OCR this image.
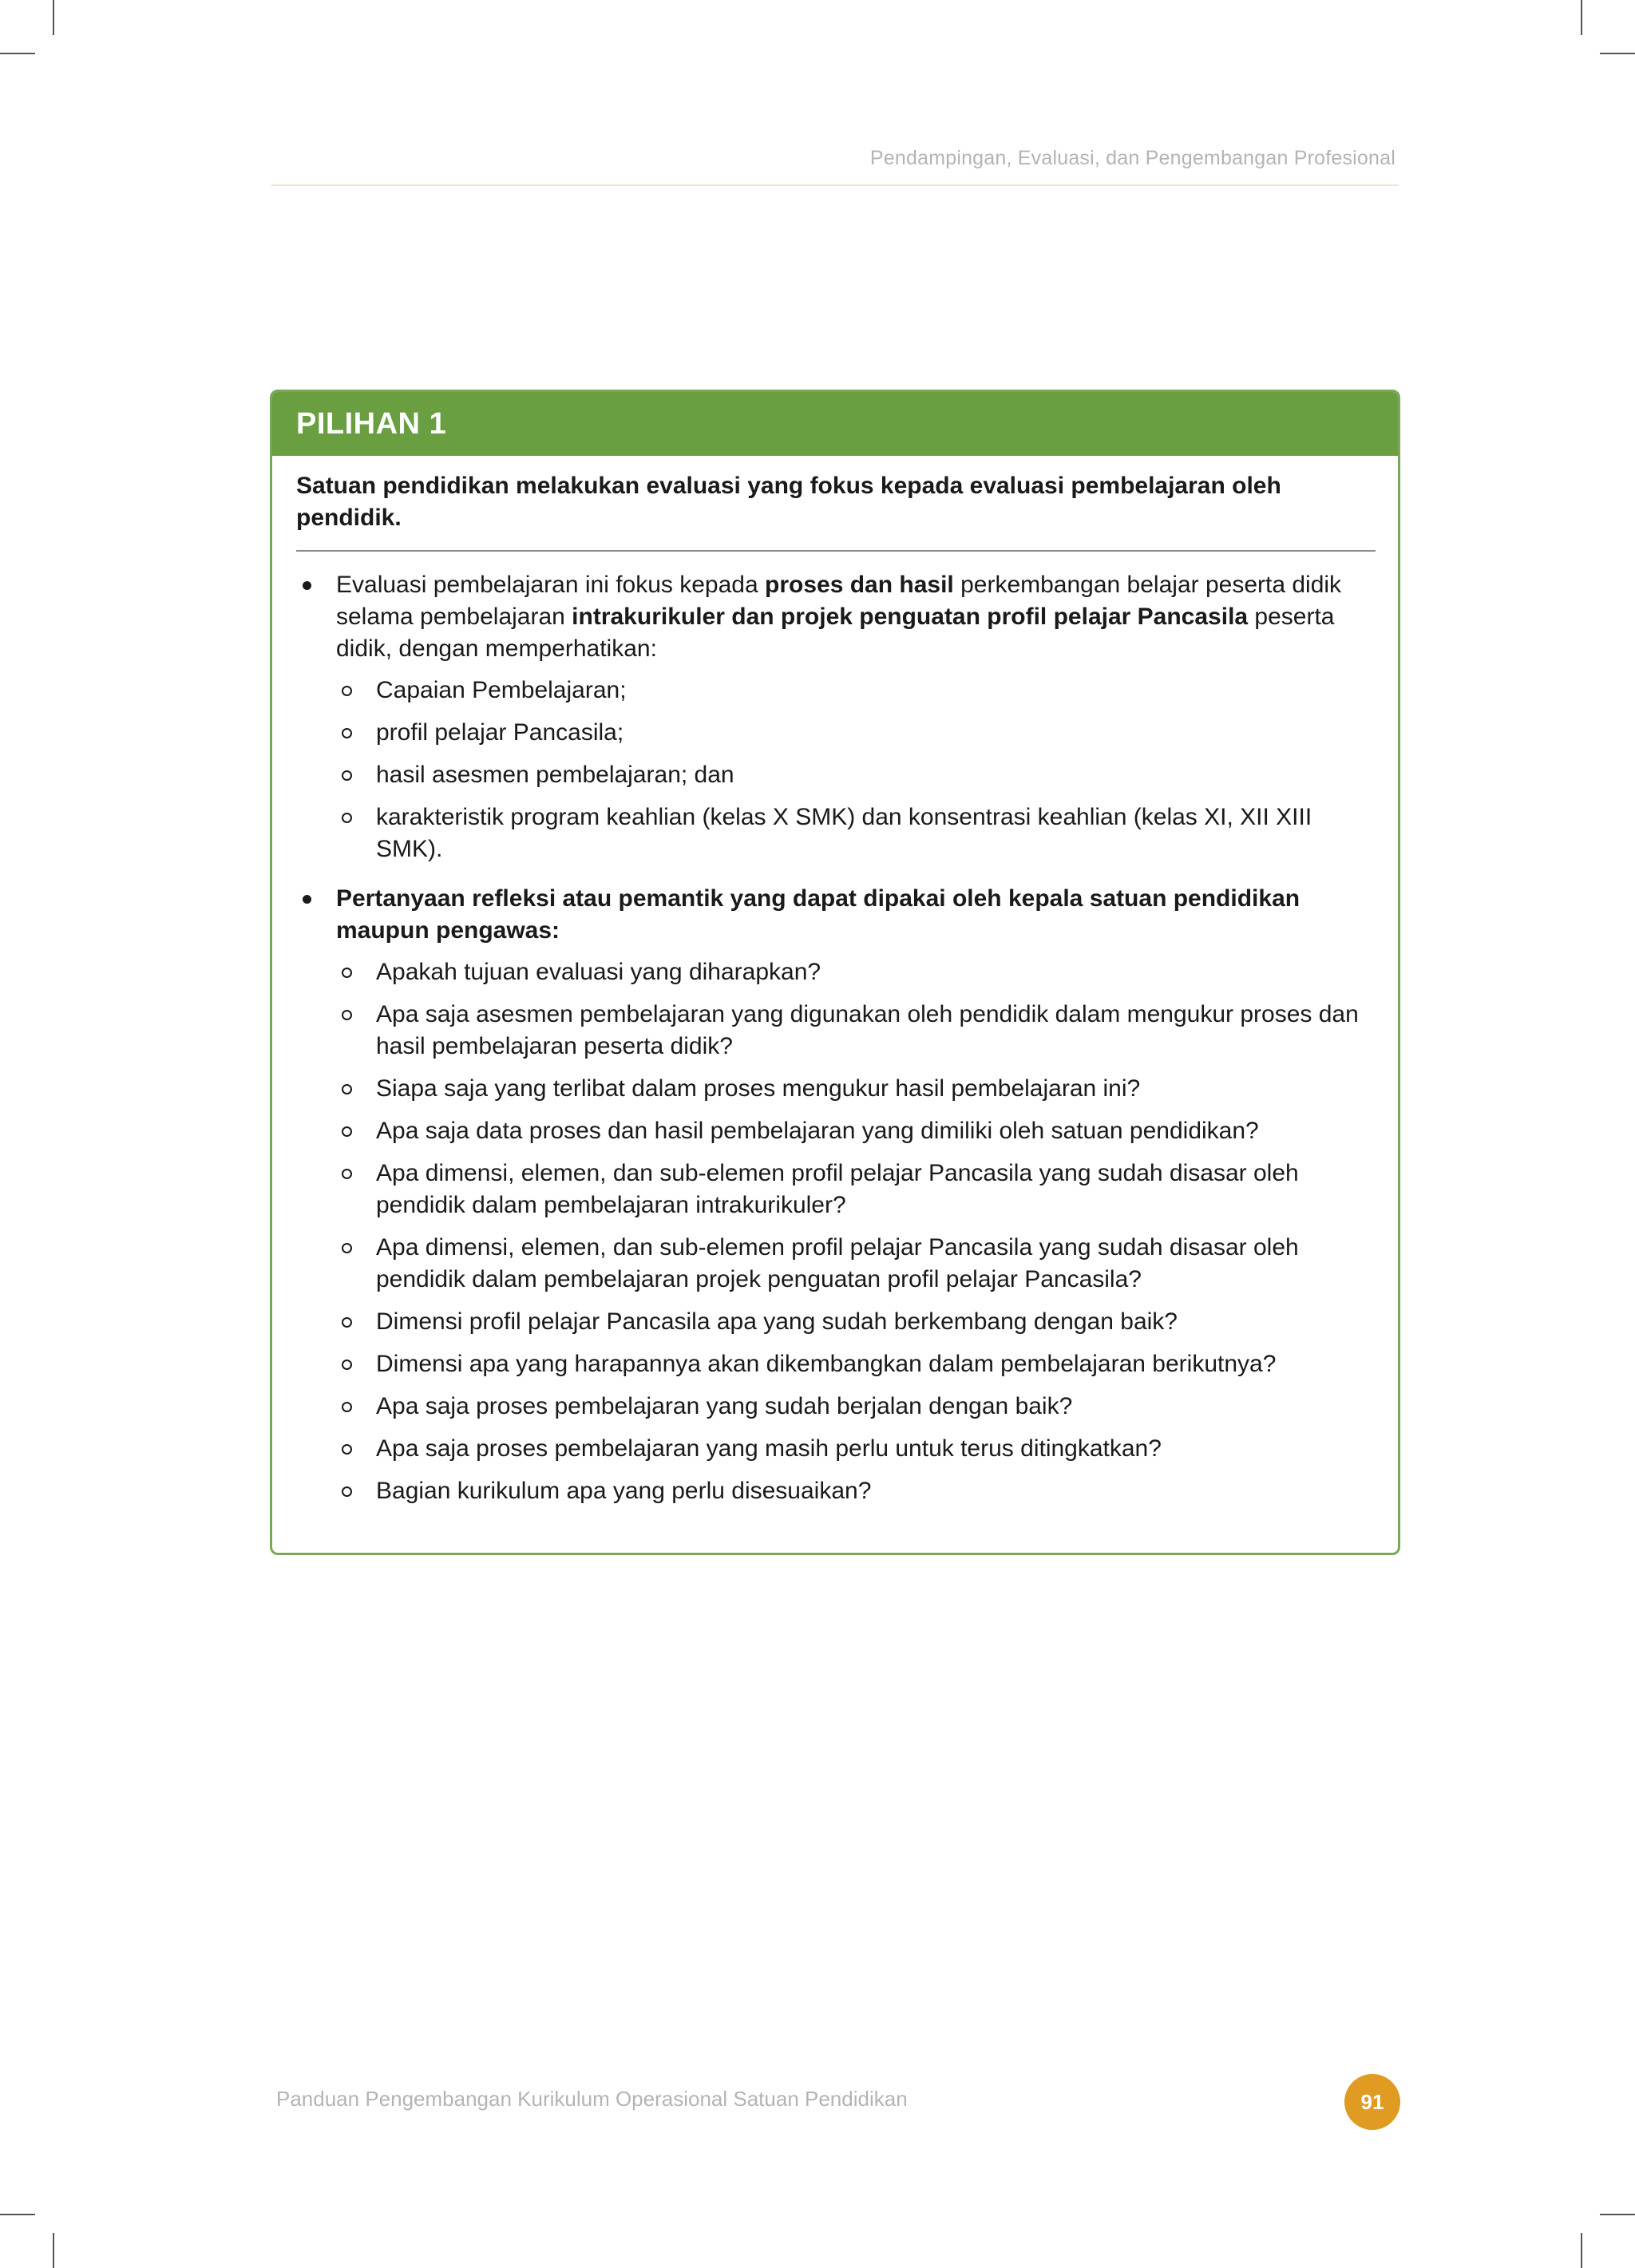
Pendampingan, Evaluasi, dan Pengembangan Profesional
PILIHAN 1

Satuan pendidikan melakukan evaluasi yang fokus kepada evaluasi pembelajaran oleh pendidik.

Evaluasi pembelajaran ini fokus kepada proses dan hasil perkembangan belajar peserta didik selama pembelajaran intrakurikuler dan projek penguatan profil pelajar Pancasila peserta didik, dengan memperhatikan:
Capaian Pembelajaran;
profil pelajar Pancasila;
hasil asesmen pembelajaran; dan
karakteristik program keahlian (kelas X SMK) dan konsentrasi keahlian (kelas XI, XII XIII SMK).
Pertanyaan refleksi atau pemantik yang dapat dipakai oleh kepala satuan pendidikan maupun pengawas:
Apakah tujuan evaluasi yang diharapkan?
Apa saja asesmen pembelajaran yang digunakan oleh pendidik dalam mengukur proses dan hasil pembelajaran peserta didik?
Siapa saja yang terlibat dalam proses mengukur hasil pembelajaran ini?
Apa saja data proses dan hasil pembelajaran yang dimiliki oleh satuan pendidikan?
Apa dimensi, elemen, dan sub-elemen profil pelajar Pancasila yang sudah disasar oleh pendidik dalam pembelajaran intrakurikuler?
Apa dimensi, elemen, dan sub-elemen profil pelajar Pancasila yang sudah disasar oleh pendidik dalam pembelajaran projek penguatan profil pelajar Pancasila?
Dimensi profil pelajar Pancasila apa yang sudah berkembang dengan baik?
Dimensi apa yang harapannya akan dikembangkan dalam pembelajaran berikutnya?
Apa saja proses pembelajaran yang sudah berjalan dengan baik?
Apa saja proses pembelajaran yang masih perlu untuk terus ditingkatkan?
Bagian kurikulum apa yang perlu disesuaikan?
Panduan Pengembangan Kurikulum Operasional Satuan Pendidikan	91
